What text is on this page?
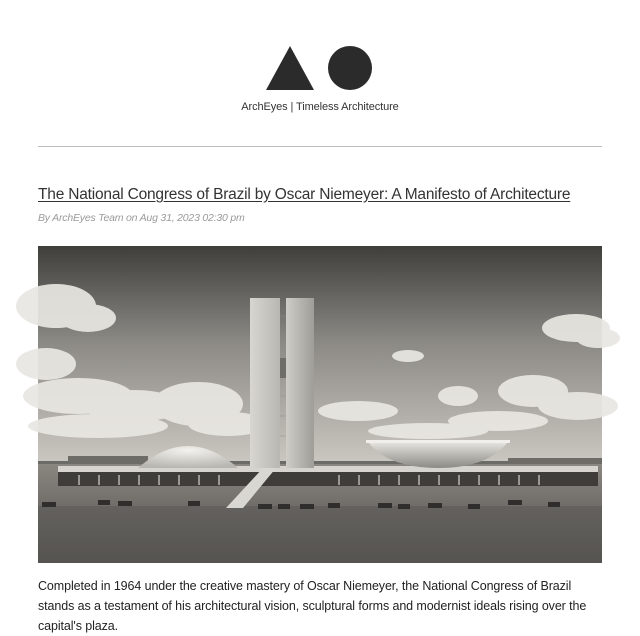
ArchEyes | Timeless Architecture
The National Congress of Brazil by Oscar Niemeyer: A Manifesto of Architecture
By ArchEyes Team on Aug 31, 2023 02:30 pm
Completed in 1964 under the creative mastery of Oscar Niemeyer, the National Congress of Brazil stands as a testament of his architectural vision, sculptural forms and modernist ideals rising over the capital's plaza.
